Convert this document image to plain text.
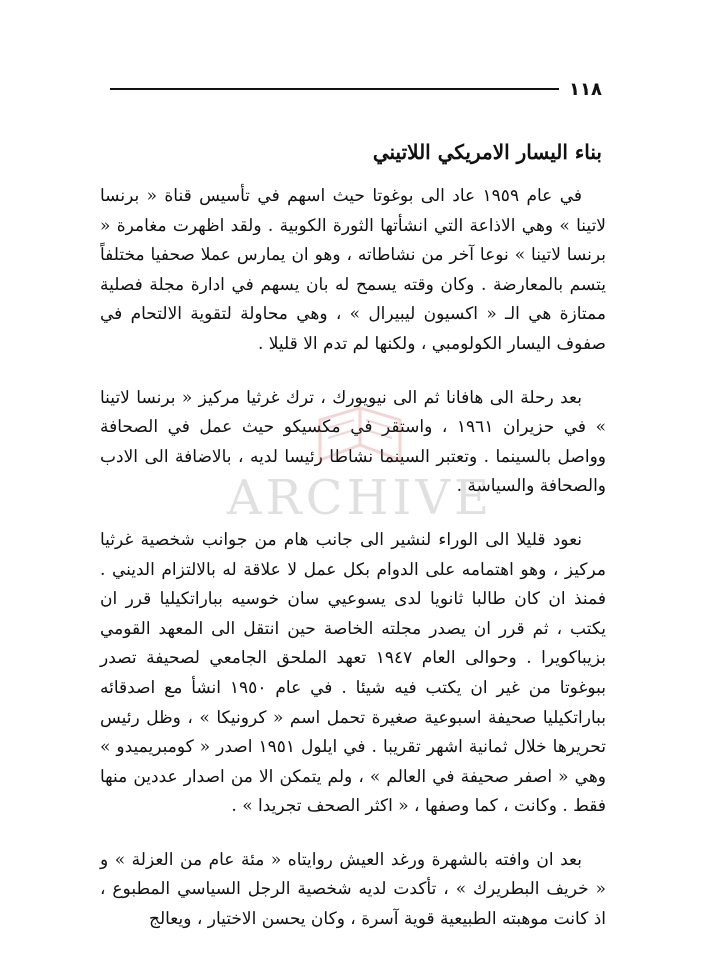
١١٨
بناء اليسار الامريكي اللاتيني

في عام ١٩٥٩ عاد الى بوغوتا حيث اسهم في تأسيس قناة « برنسا لاتينا » وهي الاذاعة التي انشأتها الثورة الكوبية . ولقد اظهرت مغامرة « برنسا لاتينا » نوعا آخر من نشاطاته ، وهو ان يمارس عملا صحفيا مختلفاً يتسم بالمعارضة . وكان وقته يسمح له بان يسهم في ادارة مجلة فصلية ممتازة هي الـ « اكسيون ليبيرال » ، وهي محاولة لتقوية الالتحام في صفوف اليسار الكولومبي ، ولكنها لم تدم الا قليلا .

بعد رحلة الى هافانا ثم الى نيويورك ، ترك غرثيا مركيز « برنسا لاتينا » في حزيران ١٩٦١ ، واستقر في مكسيكو حيث عمل في الصحافة وواصل بالسينما . وتعتبر السينما نشاطا رئيسا لديه ، بالاضافة الى الادب والصحافة والسياسة .

نعود قليلا الى الوراء لنشير الى جانب هام من جوانب شخصية غرثيا مركيز ، وهو اهتمامه على الدوام بكل عمل لا علاقة له بالالتزام الديني . فمنذ ان كان طالبا ثانويا لدى يسوعيي سان خوسيه بباراتكيليا قرر ان يكتب ، ثم قرر ان يصدر مجلته الخاصة حين انتقل الى المعهد القومي بزيباكويرا . وحوالى العام ١٩٤٧ تعهد الملحق الجامعي لصحيفة تصدر ببوغوتا من غير ان يكتب فيه شيئا . في عام ١٩٥٠ انشأ مع اصدقائه بباراتكيليا صحيفة اسبوعية صغيرة تحمل اسم « كرونيكا » ، وظل رئيس تحريرها خلال ثمانية اشهر تقريبا . في ايلول ١٩٥١ اصدر « كومبريميدو » وهي « اصفر صحيفة في العالم » ، ولم يتمكن الا من اصدار عددين منها فقط . وكانت ، كما وصفها ، « اكثر الصحف تجريدا » .

بعد ان وافته بالشهرة ورغد العيش روايتاه « مئة عام من العزلة » و « خريف البطريرك » ، تأكدت لديه شخصية الرجل السياسي المطبوع ، اذ كانت موهبته الطبيعية قوية آسرة ، وكان يحسن الاختيار ، ويعالج

ARCHIVE
